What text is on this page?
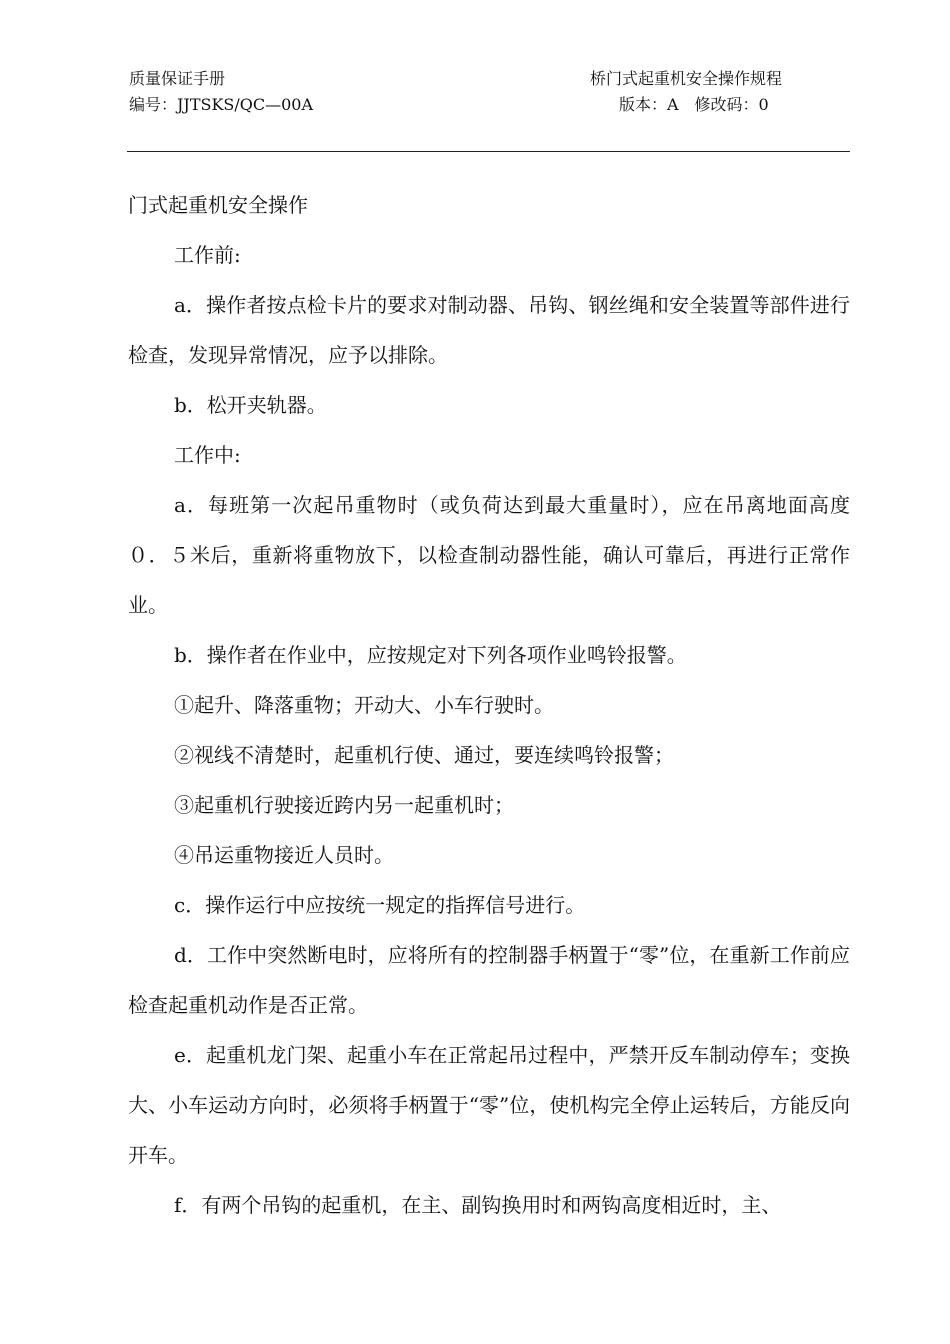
质量保证手册
编号：JJTSKS/QC—00A
桥门式起重机安全操作规程
版本：A　修改码：0

门式起重机安全操作

工作前:

a．操作者按点检卡片的要求对制动器、吊钩、钢丝绳和安全装置等部件进行检查，发现异常情况，应予以排除。

b．松开夹轨器。

工作中:

a．每班第一次起吊重物时（或负荷达到最大重量时），应在吊离地面高度０．５米后，重新将重物放下，以检查制动器性能，确认可靠后，再进行正常作业。

b．操作者在作业中，应按规定对下列各项作业鸣铃报警。

①起升、降落重物；开动大、小车行驶时。

②视线不清楚时，起重机行使、通过，要连续鸣铃报警；

③起重机行驶接近跨内另一起重机时；

④吊运重物接近人员时。

c．操作运行中应按统一规定的指挥信号进行。

d．工作中突然断电时，应将所有的控制器手柄置于“零”位，在重新工作前应检查起重机动作是否正常。

e．起重机龙门架、起重小车在正常起吊过程中，严禁开反车制动停车；变换大、小车运动方向时，必须将手柄置于“零”位，使机构完全停止运转后，方能反向开车。

f．有两个吊钩的起重机，在主、副钩换用时和两钩高度相近时，主、
